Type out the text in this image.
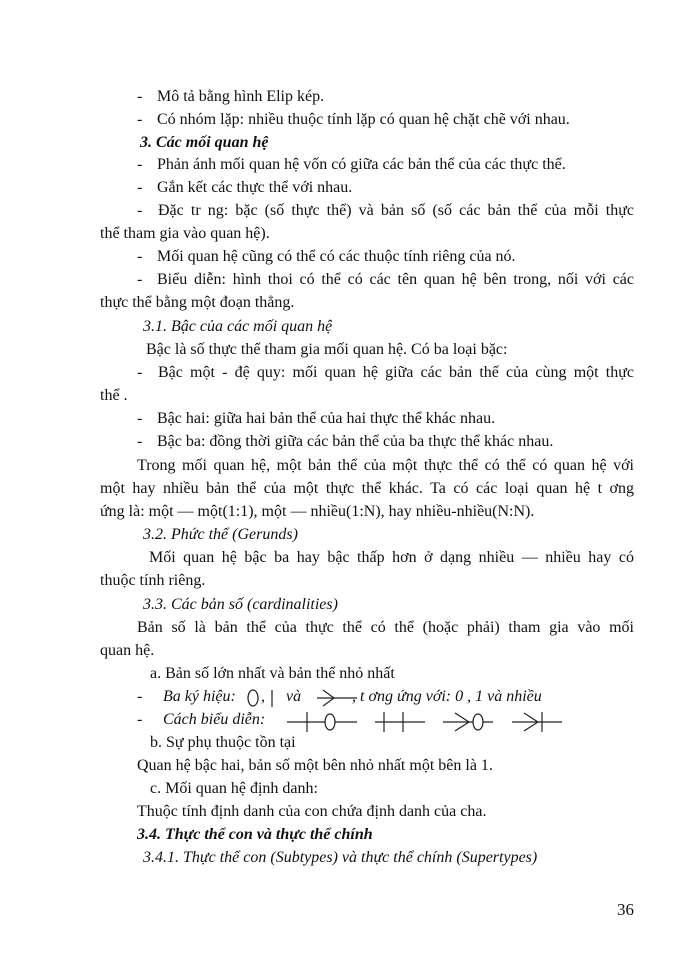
- Mô tả bằng hình Elip kép.
- Có nhóm lặp: nhiều thuộc tính lặp có quan hệ chặt chẽ với nhau.
3. Các mối quan hệ
- Phản ánh mối quan hệ vốn có giữa các bản thể của các thực thể.
- Gắn kết các thực thể với nhau.
- Đặc tr ng: bặc (số thực thể) và bản số (số các bản thể của mỗi thực
thể tham gia vào quan hệ).
- Mối quan hệ cũng có thể có các thuộc tính riêng của nó.
- Biểu diễn: hình thoi có thể có các tên quan hệ bên trong, nối với các
thực thể bằng một đoạn thẳng.
3.1. Bậc của các mối quan hệ
Bậc là số thực thể tham gia mối quan hệ. Có ba loại bặc:
- Bậc một - đệ quy: mối quan hệ giữa các bản thể của cùng một thực
thể .
- Bậc hai: giữa hai bản thể của hai thực thể khác nhau.
- Bậc ba: đồng thời giữa các bản thể của ba thực thể khác nhau.
Trong mối quan hệ, một bản thể của một thực thể có thể có quan hệ với
một hay nhiều bản thể của một thực thể khác. Ta có các loại quan hệ t ơng
ứng là: một — một(1:1), một — nhiều(1:N), hay nhiều-nhiều(N:N).
3.2. Phức thể (Gerunds)
Mối quan hệ bậc ba hay bậc thấp hơn ở dạng nhiều — nhiều hay có
thuộc tính riêng.
3.3. Các bản số (cardinalities)
Bản số là bản thể của thực thể có thể (hoặc phải) tham gia vào mối
quan hệ.
a. Bản số lớn nhất và bản thể nhỏ nhất
- Ba ký hiệu: , và	, t ơng ứng với: 0 , 1 và nhiều
- Cách biểu diễn:
b. Sự phụ thuộc tồn tại
Quan hệ bậc hai, bản số một bên nhỏ nhất một bên là 1.
c. Mối quan hệ định danh:
Thuộc tính định danh của con chứa định danh của cha.
3.4. Thực thể con và thực thể chính
3.4.1. Thực thể con (Subtypes) và thực thể chính (Supertypes)
36
